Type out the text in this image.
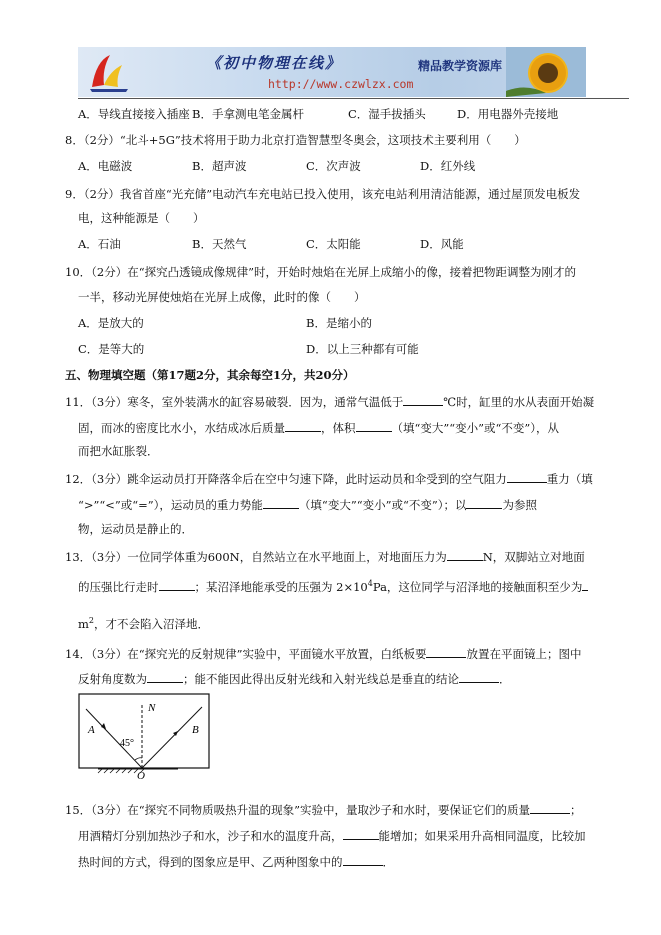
《初中物理在线》	精品教学资源库
http://www.czwlzx.com
A．导线直接接入插座 B．手拿测电笔金属杆	C．湿手拔插头	D．用电器外壳接地
8．（2分）“北斗+5G”技术将用于助力北京打造智慧型冬奥会，这项技术主要利用（　　）
A．电磁波	B．超声波	C．次声波	D．红外线
9．（2分）我省首座“光充储”电动汽车充电站已投入使用，该充电站利用清洁能源，通过屋顶发电板发
电，这种能源是（　　）
A．石油	B．天然气	C．太阳能	D．风能
10．（2分）在“探究凸透镜成像规律”时，开始时烛焰在光屏上成缩小的像，接着把物距调整为刚才的
一半，移动光屏使烛焰在光屏上成像，此时的像（　　）
A．是放大的	B．是缩小的
C．是等大的	D．以上三种都有可能
五、物理填空题（第17题2分，其余每空1分，共20分）
11．（3分）寒冬，室外装满水的缸容易破裂．因为，通常气温低于	℃时，缸里的水从表面开始凝
固，而冰的密度比水小，水结成冰后质量	，体积	（填“变大”“变小”或“不变”），从
而把水缸胀裂．
12．（3分）跳伞运动员打开降落伞后在空中匀速下降，此时运动员和伞受到的空气阻力	重力（填
“>”“<”或“=”），运动员的重力势能	（填“变大”“变小”或“不变”）；以	为参照
物，运动员是静止的．
13．（3分）一位同学体重为600N，自然站立在水平地面上，对地面压力为	N，双脚站立对地面
的压强比行走时	；某沼泽地能承受的压强为 $2\times 10^4Pa$，这位同学与沼泽地的接触面积至少为
$m^2$，才不会陷入沼泽地．
14．（3分）在“探究光的反射规律”实验中，平面镜水平放置，白纸板要	放置在平面镜上；图中
反射角度数为	；能不能因此得出反射光线和入射光线总是垂直的结论	．
A	B
N
O
45°
15．（3分）在“探究不同物质吸热升温的现象”实验中，量取沙子和水时，要保证它们的质量	；
用酒精灯分别加热沙子和水，沙子和水的温度升高，	能增加；如果采用升高相同温度，比较加
热时间的方式，得到的图象应是甲、乙两种图象中的	．
